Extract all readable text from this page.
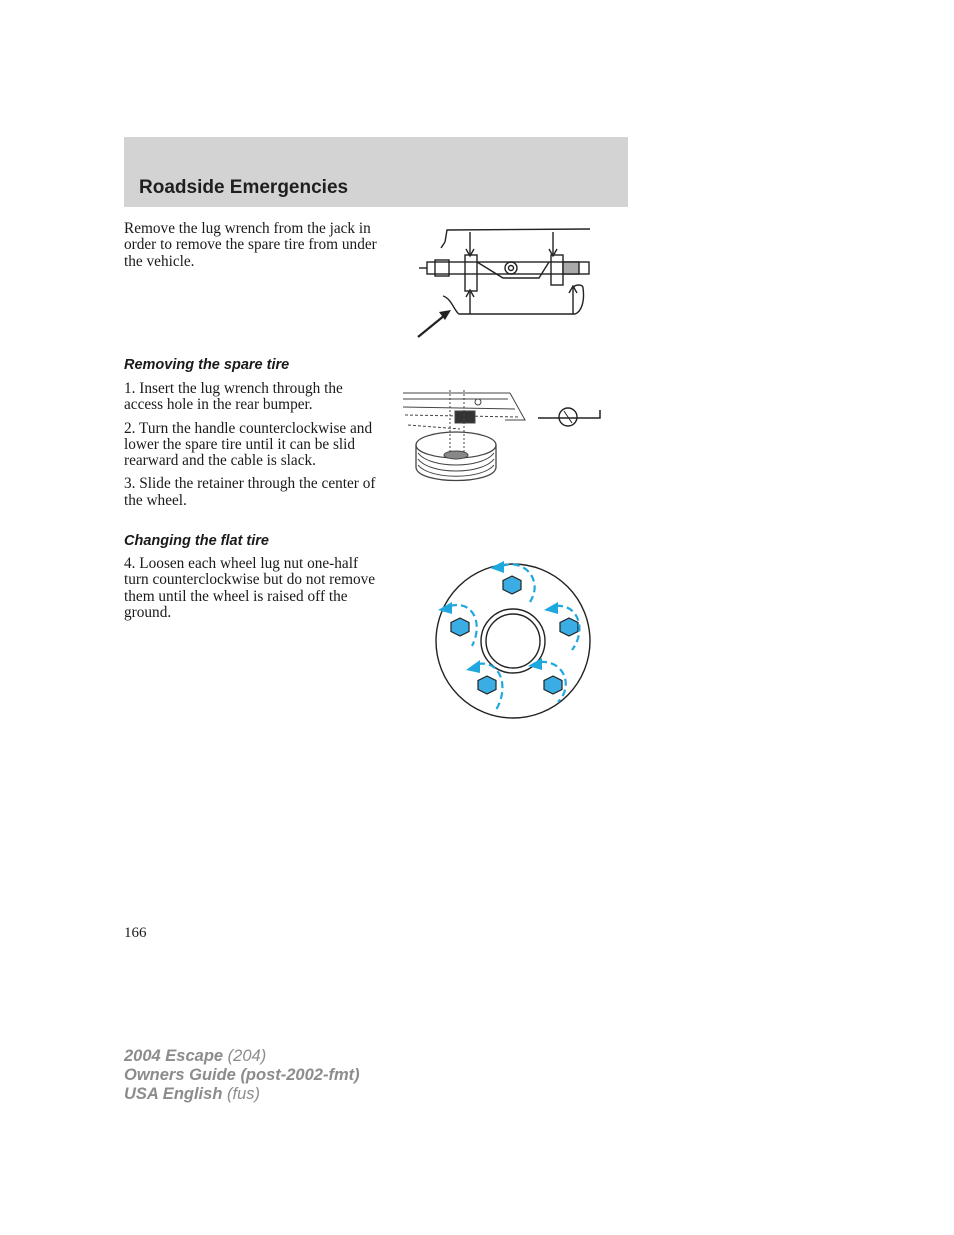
Roadside Emergencies

Remove the lug wrench from the jack in order to remove the spare tire from under the vehicle.

Removing the spare tire

1. Insert the lug wrench through the access hole in the rear bumper.

2. Turn the handle counterclockwise and lower the spare tire until it can be slid rearward and the cable is slack.

3. Slide the retainer through the center of the wheel.

Changing the flat tire

4. Loosen each wheel lug nut one-half turn counterclockwise but do not remove them until the wheel is raised off the ground.

166
2004 Escape (204)
Owners Guide (post-2002-fmt)
USA English (fus)
